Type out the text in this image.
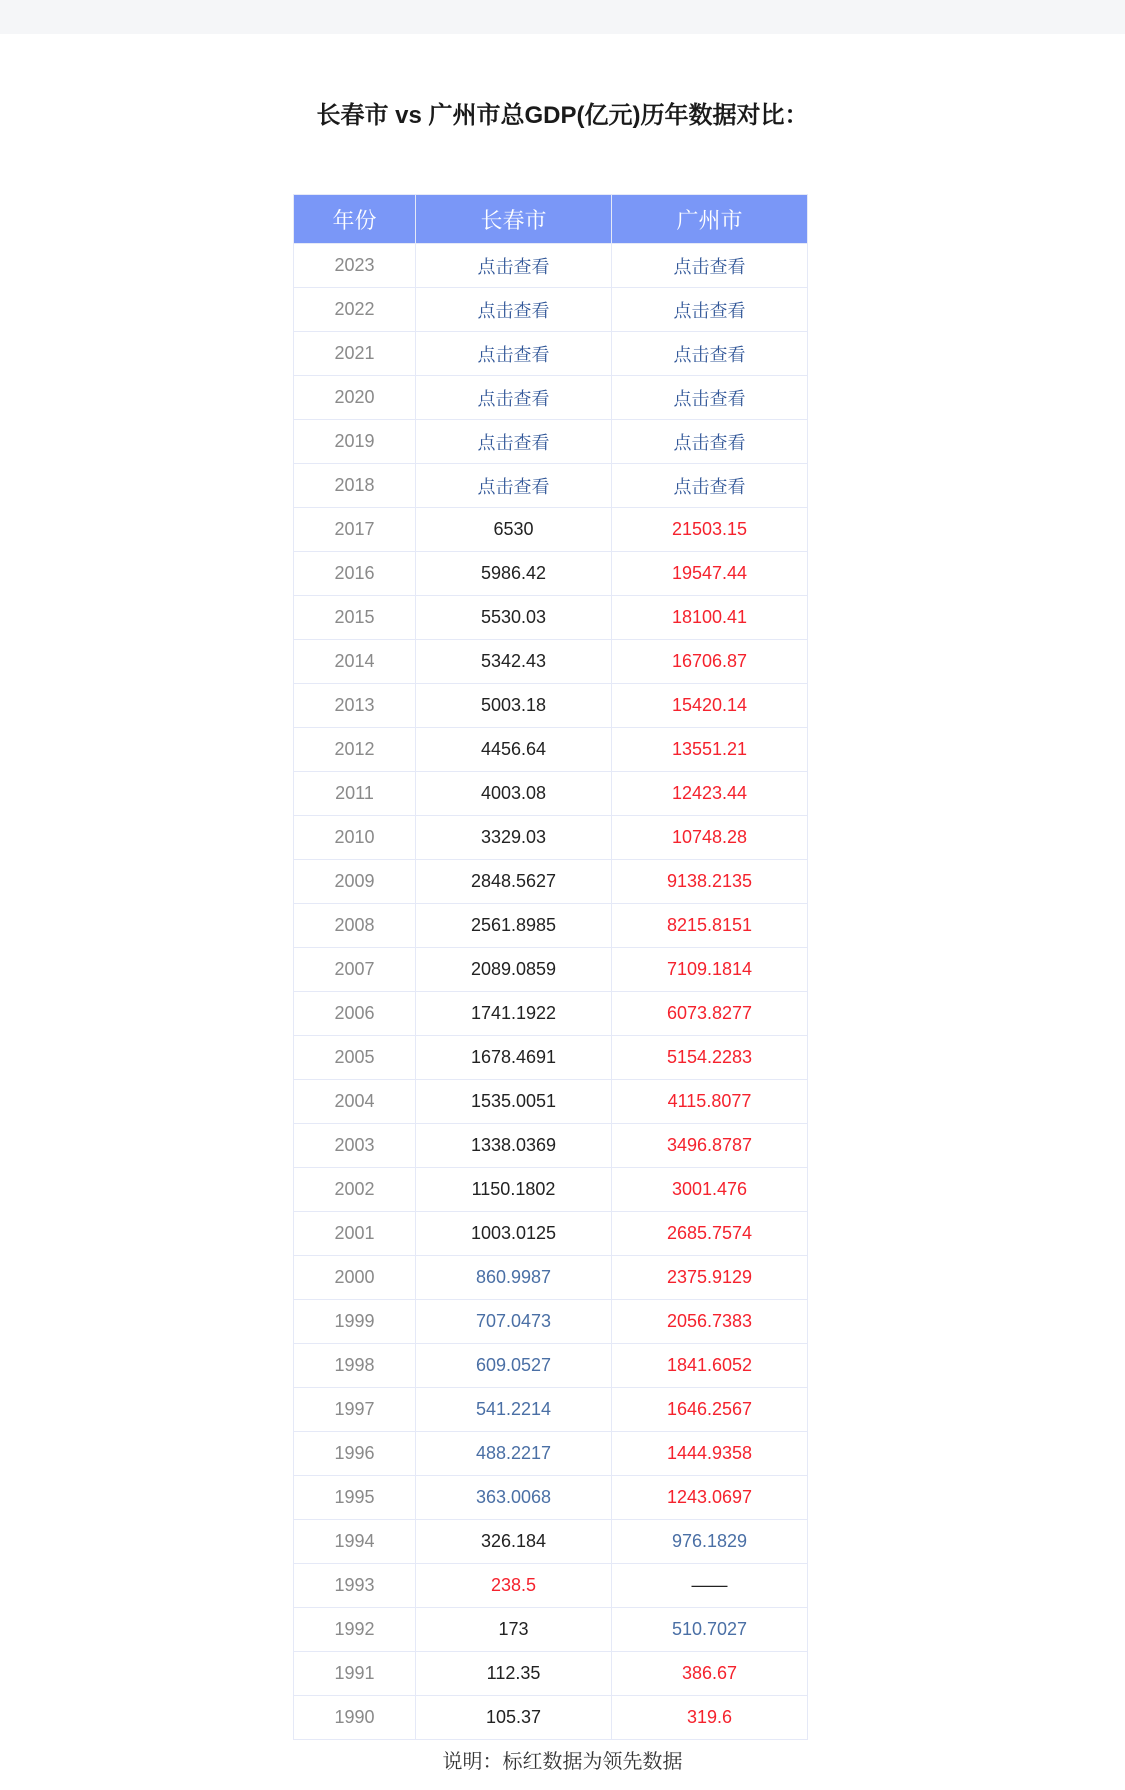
长春市 vs 广州市总GDP(亿元)历年数据对比：
年份	长春市	广州市
2023	点击查看	点击查看
2022	点击查看	点击查看
2021	点击查看	点击查看
2020	点击查看	点击查看
2019	点击查看	点击查看
2018	点击查看	点击查看
2017	6530	21503.15
2016	5986.42	19547.44
2015	5530.03	18100.41
2014	5342.43	16706.87
2013	5003.18	15420.14
2012	4456.64	13551.21
2011	4003.08	12423.44
2010	3329.03	10748.28
2009	2848.5627	9138.2135
2008	2561.8985	8215.8151
2007	2089.0859	7109.1814
2006	1741.1922	6073.8277
2005	1678.4691	5154.2283
2004	1535.0051	4115.8077
2003	1338.0369	3496.8787
2002	1150.1802	3001.476
2001	1003.0125	2685.7574
2000	860.9987	2375.9129
1999	707.0473	2056.7383
1998	609.0527	1841.6052
1997	541.2214	1646.2567
1996	488.2217	1444.9358
1995	363.0068	1243.0697
1994	326.184	976.1829
1993	238.5	——
1992	173	510.7027
1991	112.35	386.67
1990	105.37	319.6
说明：标红数据为领先数据
